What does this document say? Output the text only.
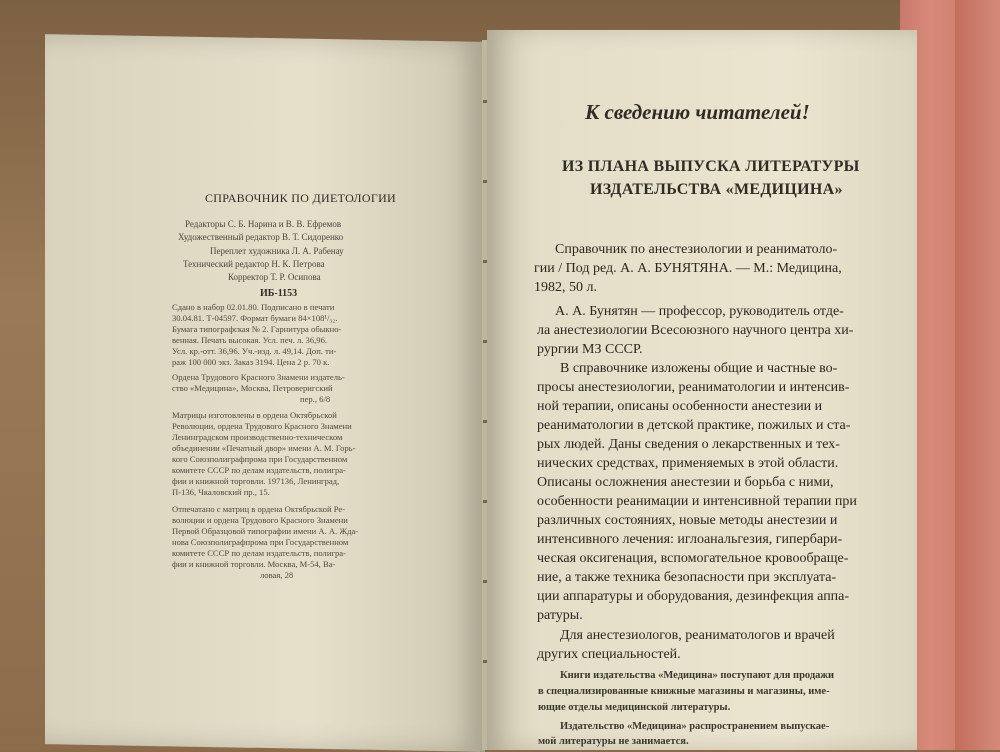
СПРАВОЧНИК ПО ДИЕТОЛОГИИ
Редакторы С. Б. Нарина и В. В. Ефремов
Художественный редактор В. Т. Сидоренко
Переплет художника Л. А. Рабенау
Технический редактор Н. К. Петрова
Корректор Т. Р. Осипова
ИБ-1153
Сдано в набор 02.01.80. Подписано в печати
30.04.81. Т-04597. Формат бумаги 84×108¹/₃₂.
Бумага типографская № 2. Гарнитура обыкно-
венная. Печать высокая. Усл. печ. л. 36,96.
Усл. кр.-отт. 36,96. Уч.-изд. л. 49,14. Доп. ти-
раж 100 000 экз. Заказ 3194. Цена 2 р. 70 к.
Ордена Трудового Красного Знамени издатель-
ство «Медицина», Москва, Петроверигский
пер., 6/8
Матрицы изготовлены в ордена Октябрьской
Революции, ордена Трудового Красного Знамени
Ленинградском производственно-техническом
объединении «Печатный двор» имени А. М. Горь-
кого Союзполиграфпрома при Государственном
комитете СССР по делам издательств, полигра-
фии и книжной торговли. 197136, Ленинград,
П-136, Чкаловский пр., 15.
Отпечатано с матриц в ордена Октябрьской Ре-
волюции и ордена Трудового Красного Знамени
Первой Образцовой типографии имени А. А. Жда-
нова Союзполиграфпрома при Государственном
комитете СССР по делам издательств, полигра-
фии и книжной торговли. Москва, М-54, Ва-
ловая, 28
К сведению читателей!
ИЗ ПЛАНА ВЫПУСКА ЛИТЕРАТУРЫ
ИЗДАТЕЛЬСТВА «МЕДИЦИНА»
Справочник по анестезиологии и реаниматоло-
гии / Под ред. А. А. БУНЯТЯНА. — М.: Медицина,
1982, 50 л.
А. А. Бунятян — профессор, руководитель отде-
ла анестезиологии Всесоюзного научного центра хи-
рургии МЗ СССР.
В справочнике изложены общие и частные во-
просы анестезиологии, реаниматологии и интенсив-
ной терапии, описаны особенности анестезии и
реаниматологии в детской практике, пожилых и ста-
рых людей. Даны сведения о лекарственных и тех-
нических средствах, применяемых в этой области.
Описаны осложнения анестезии и борьба с ними,
особенности реанимации и интенсивной терапии при
различных состояниях, новые методы анестезии и
интенсивного лечения: иглоанальгезия, гипербари-
ческая оксигенация, вспомогательное кровообраще-
ние, а также техника безопасности при эксплуата-
ции аппаратуры и оборудования, дезинфекция аппа-
ратуры.
Для анестезиологов, реаниматологов и врачей
других специальностей.
Книги издательства «Медицина» поступают для продажи
в специализированные книжные магазины и магазины, име-
ющие отделы медицинской литературы.
Издательство «Медицина» распространением выпускае-
мой литературы не занимается.
